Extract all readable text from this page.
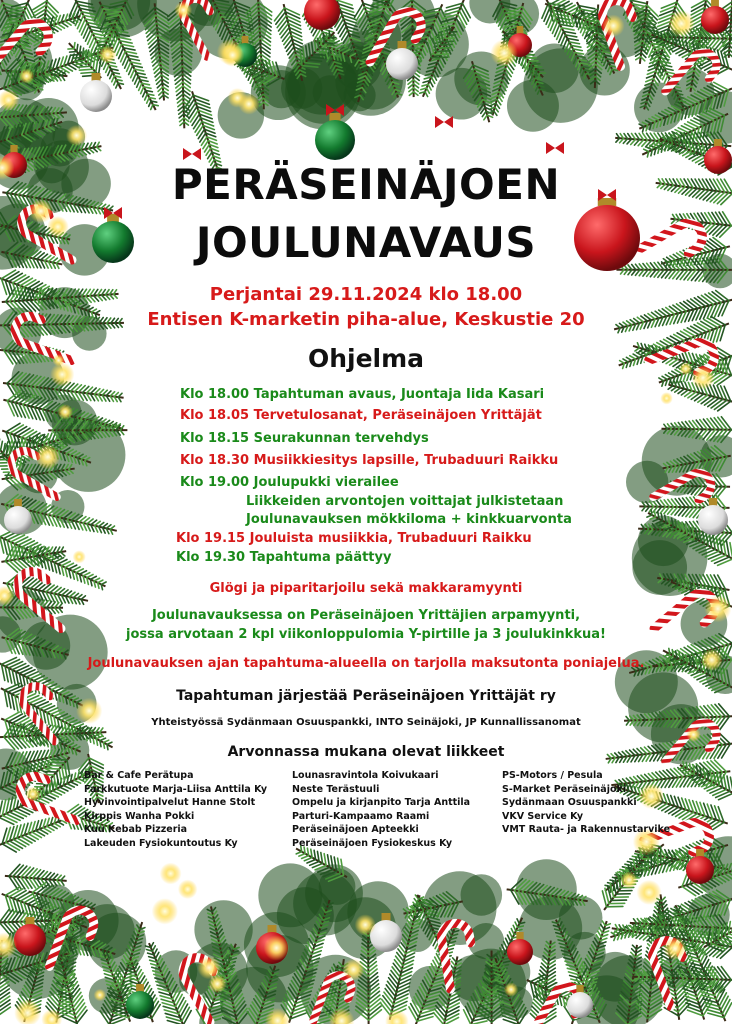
PERÄSEINÄJOEN
JOULUNAVAUS
Perjantai 29.11.2024 klo 18.00
Entisen K-marketin piha-alue, Keskustie 20
Ohjelma
Klo 18.00 Tapahtuman avaus, Juontaja Iida Kasari
Klo 18.05 Tervetulosanat, Peräseinäjoen Yrittäjät
Klo 18.15 Seurakunnan tervehdys
Klo 18.30 Musiikkiesitys lapsille, Trubaduuri Raikku
Klo 19.00 Joulupukki vierailee
Liikkeiden arvontojen voittajat julkistetaan
Joulunavauksen mökkiloma + kinkkuarvonta
Klo 19.15 Jouluista musiikkia, Trubaduuri Raikku
Klo 19.30 Tapahtuma päättyy
Glögi ja piparitarjoilu sekä makkaramyynti
Joulunavauksessa on Peräseinäjoen Yrittäjien arpamyynti,
jossa arvotaan 2 kpl viikonloppulomia Y-pirtille ja 3 joulukinkkua!
Joulunavauksen ajan tapahtuma-alueella on tarjolla maksutonta poniajelua.
Tapahtuman järjestää Peräseinäjoen Yrittäjät ry
Yhteistyössä Sydänmaan Osuuspankki, INTO Seinäjoki, JP Kunnallissanomat
Arvonnassa mukana olevat liikkeet
Bar & Cafe Perätupa
Farkkutuote Marja-Liisa Anttila Ky
Hyvinvointipalvelut Hanne Stolt
Kirppis Wanha Pokki
Kuu Kebab Pizzeria
Lakeuden Fysiokuntoutus Ky
Lounasravintola Koivukaari
Neste Terästuuli
Ompelu ja kirjanpito Tarja Anttila
Parturi-Kampaamo Raami
Peräseinäjoen Apteekki
Peräseinäjoen Fysiokeskus Ky
PS-Motors / Pesula
S-Market Peräseinäjoki
Sydänmaan Osuuspankki
VKV Service Ky
VMT Rauta- ja Rakennustarvike
